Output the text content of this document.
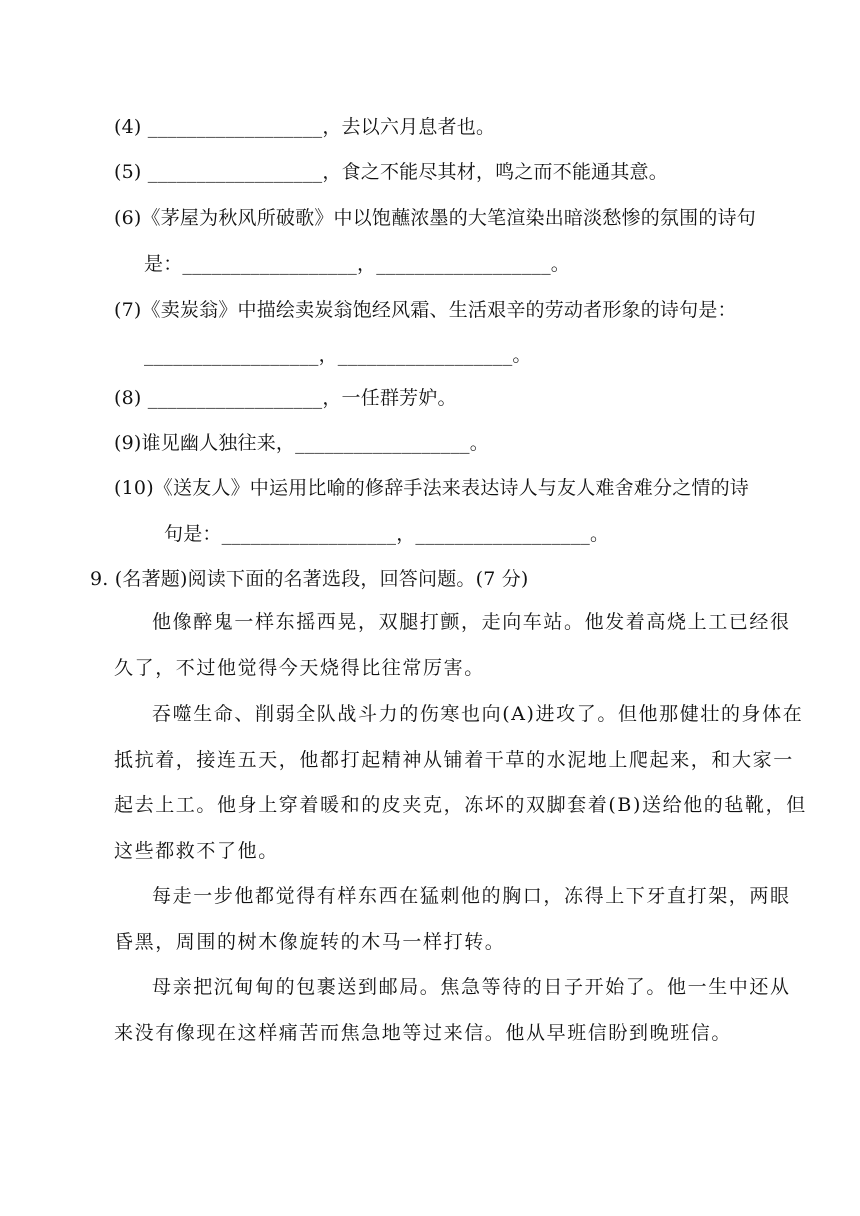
(4) __________________，去以六月息者也。
(5) __________________，食之不能尽其材，鸣之而不能通其意。
(6)《茅屋为秋风所破歌》中以饱蘸浓墨的大笔渲染出暗淡愁惨的氛围的诗句
是：__________________，__________________。
(7)《卖炭翁》中描绘卖炭翁饱经风霜、生活艰辛的劳动者形象的诗句是：
__________________，__________________。
(8) __________________，一任群芳妒。
(9)谁见幽人独往来，__________________。
(10)《送友人》中运用比喻的修辞手法来表达诗人与友人难舍难分之情的诗
句是：__________________，__________________。
9. (名著题)阅读下面的名著选段，回答问题。(7 分)
他像醉鬼一样东摇西晃，双腿打颤，走向车站。他发着高烧上工已经很
久了，不过他觉得今天烧得比往常厉害。
吞噬生命、削弱全队战斗力的伤寒也向(A)进攻了。但他那健壮的身体在
抵抗着，接连五天，他都打起精神从铺着干草的水泥地上爬起来，和大家一
起去上工。他身上穿着暖和的皮夹克，冻坏的双脚套着(B)送给他的毡靴，但
这些都救不了他。
每走一步他都觉得有样东西在猛刺他的胸口，冻得上下牙直打架，两眼
昏黑，周围的树木像旋转的木马一样打转。
母亲把沉甸甸的包裹送到邮局。焦急等待的日子开始了。他一生中还从
来没有像现在这样痛苦而焦急地等过来信。他从早班信盼到晚班信。
